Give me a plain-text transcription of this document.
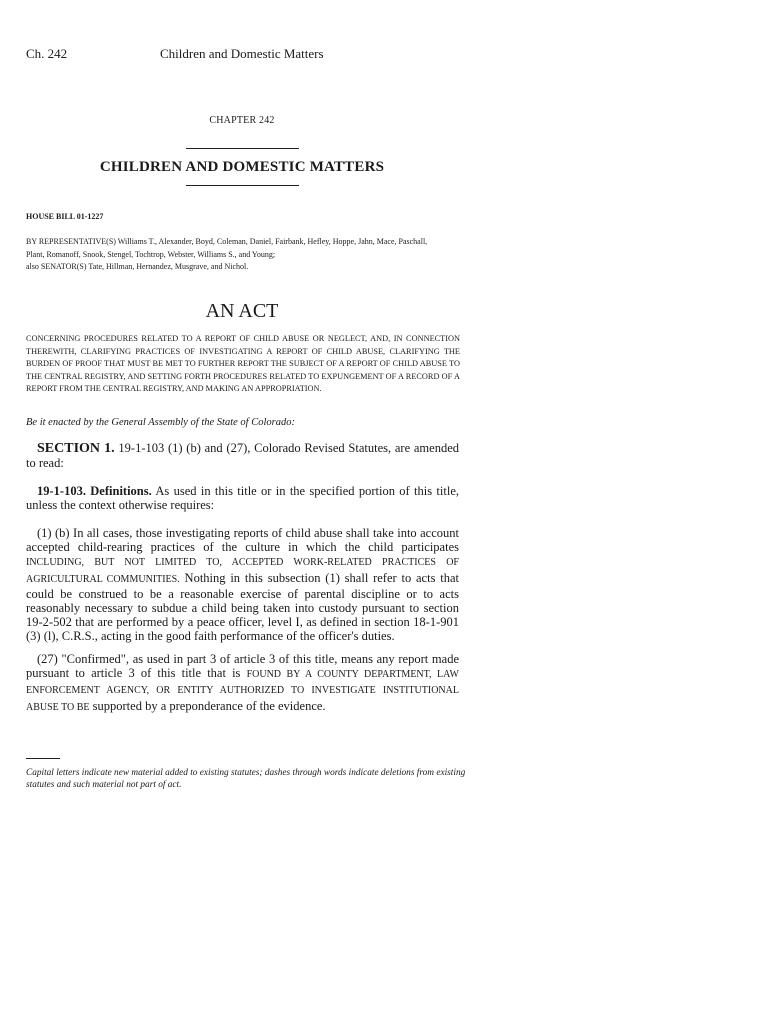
Ch. 242	Children and Domestic Matters
CHAPTER 242
CHILDREN AND DOMESTIC MATTERS
HOUSE BILL 01-1227
BY REPRESENTATIVE(S) Williams T., Alexander, Boyd, Coleman, Daniel, Fairbank, Hefley, Hoppe, Jahn, Mace, Paschall,
Plant, Romanoff, Snook, Stengel, Tochtrop, Webster, Williams S., and Young;
also SENATOR(S) Tate, Hillman, Hernandez, Musgrave, and Nichol.
AN ACT
CONCERNING PROCEDURES RELATED TO A REPORT OF CHILD ABUSE OR NEGLECT, AND, IN CONNECTION THEREWITH, CLARIFYING PRACTICES OF INVESTIGATING A REPORT OF CHILD ABUSE, CLARIFYING THE BURDEN OF PROOF THAT MUST BE MET TO FURTHER REPORT THE SUBJECT OF A REPORT OF CHILD ABUSE TO THE CENTRAL REGISTRY, AND SETTING FORTH PROCEDURES RELATED TO EXPUNGEMENT OF A RECORD OF A REPORT FROM THE CENTRAL REGISTRY, AND MAKING AN APPROPRIATION.
Be it enacted by the General Assembly of the State of Colorado:
SECTION 1. 19-1-103 (1) (b) and (27), Colorado Revised Statutes, are amended to read:
19-1-103. Definitions. As used in this title or in the specified portion of this title, unless the context otherwise requires:
(1) (b) In all cases, those investigating reports of child abuse shall take into account accepted child-rearing practices of the culture in which the child participates INCLUDING, BUT NOT LIMITED TO, ACCEPTED WORK-RELATED PRACTICES OF AGRICULTURAL COMMUNITIES. Nothing in this subsection (1) shall refer to acts that could be construed to be a reasonable exercise of parental discipline or to acts reasonably necessary to subdue a child being taken into custody pursuant to section 19-2-502 that are performed by a peace officer, level I, as defined in section 18-1-901 (3) (l), C.R.S., acting in the good faith performance of the officer's duties.
(27) "Confirmed", as used in part 3 of article 3 of this title, means any report made pursuant to article 3 of this title that is FOUND BY A COUNTY DEPARTMENT, LAW ENFORCEMENT AGENCY, OR ENTITY AUTHORIZED TO INVESTIGATE INSTITUTIONAL ABUSE TO BE supported by a preponderance of the evidence.
Capital letters indicate new material added to existing statutes; dashes through words indicate deletions from existing statutes and such material not part of act.
